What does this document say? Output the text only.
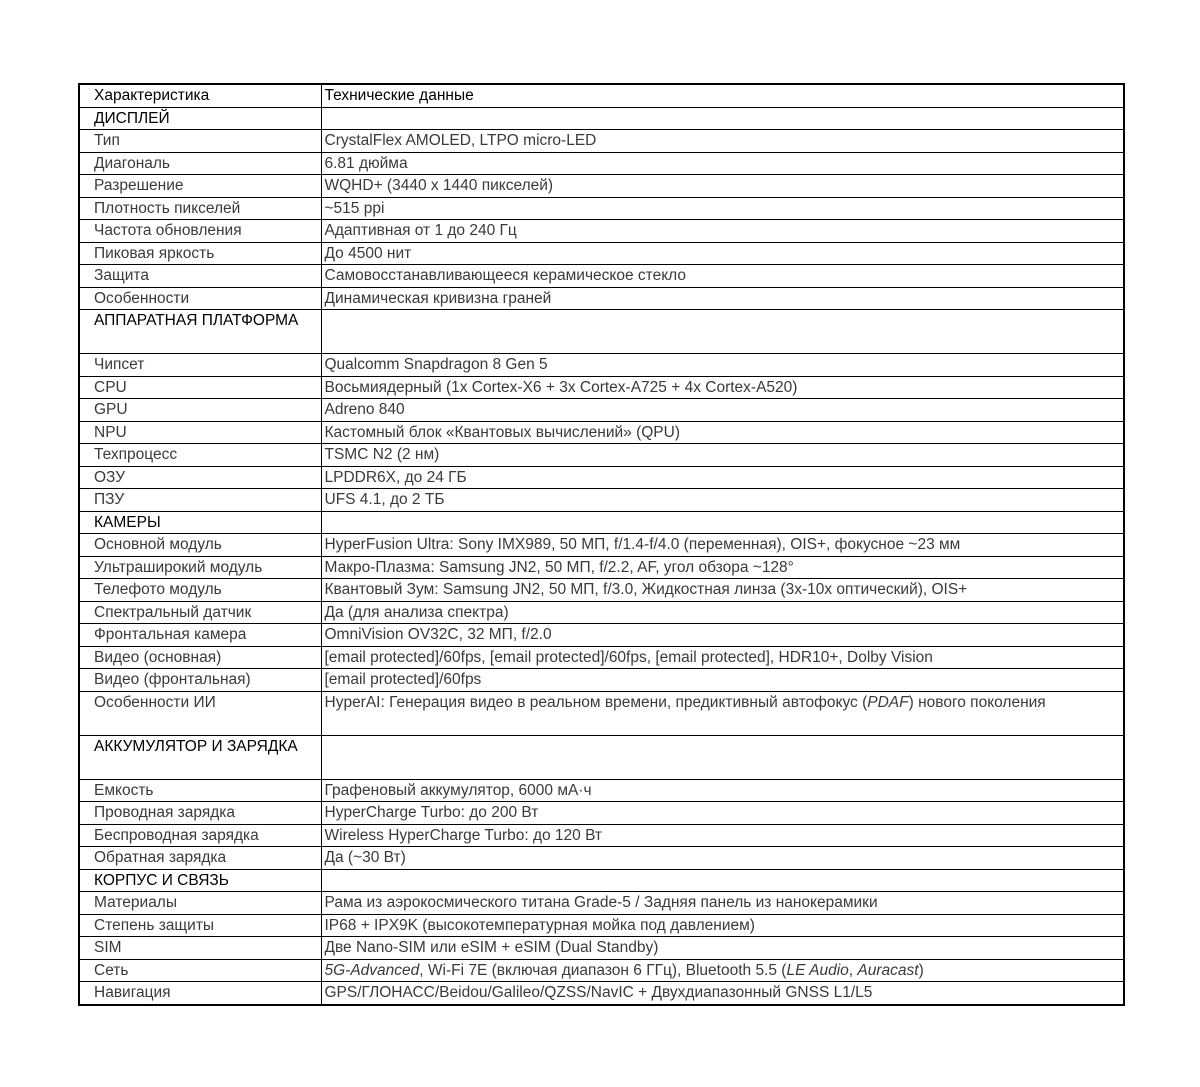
Характеристика	Технические данные
ДИСПЛЕЙ	
Тип	CrystalFlex AMOLED, LTPO micro-LED
Диагональ	6.81 дюйма
Разрешение	WQHD+ (3440 x 1440 пикселей)
Плотность пикселей	~515 ppi
Частота обновления	Адаптивная от 1 до 240 Гц
Пиковая яркость	До 4500 нит
Защита	Самовосстанавливающееся керамическое стекло
Особенности	Динамическая кривизна граней
АППАРАТНАЯ ПЛАТФОРМА	
Чипсет	Qualcomm Snapdragon 8 Gen 5
CPU	Восьмиядерный (1x Cortex-X6 + 3x Cortex-A725 + 4x Cortex-A520)
GPU	Adreno 840
NPU	Кастомный блок «Квантовых вычислений» (QPU)
Техпроцесс	TSMC N2 (2 нм)
ОЗУ	LPDDR6X, до 24 ГБ
ПЗУ	UFS 4.1, до 2 ТБ
КАМЕРЫ	
Основной модуль	HyperFusion Ultra: Sony IMX989, 50 МП, f/1.4-f/4.0 (переменная), OIS+, фокусное ~23 мм
Ультраширокий модуль	Макро-Плазма: Samsung JN2, 50 МП, f/2.2, AF, угол обзора ~128°
Телефото модуль	Квантовый Зум: Samsung JN2, 50 МП, f/3.0, Жидкостная линза (3x-10x оптический), OIS+
Спектральный датчик	Да (для анализа спектра)
Фронтальная камера	OmniVision OV32C, 32 МП, f/2.0
Видео (основная)	[email protected]/60fps, [email protected]/60fps, [email protected], HDR10+, Dolby Vision
Видео (фронтальная)	[email protected]/60fps
Особенности ИИ	HyperAI: Генерация видео в реальном времени, предиктивный автофокус (PDAF) нового поколения
АККУМУЛЯТОР И ЗАРЯДКА	
Емкость	Графеновый аккумулятор, 6000 мА·ч
Проводная зарядка	HyperCharge Turbo: до 200 Вт
Беспроводная зарядка	Wireless HyperCharge Turbo: до 120 Вт
Обратная зарядка	Да (~30 Вт)
КОРПУС И СВЯЗЬ	
Материалы	Рама из аэрокосмического титана Grade-5 / Задняя панель из нанокерамики
Степень защиты	IP68 + IPX9K (высокотемпературная мойка под давлением)
SIM	Две Nano-SIM или eSIM + eSIM (Dual Standby)
Сеть	5G-Advanced, Wi-Fi 7E (включая диапазон 6 ГГц), Bluetooth 5.5 (LE Audio, Auracast)
Навигация	GPS/ГЛОНАСС/Beidou/Galileo/QZSS/NavIC + Двухдиапазонный GNSS L1/L5
